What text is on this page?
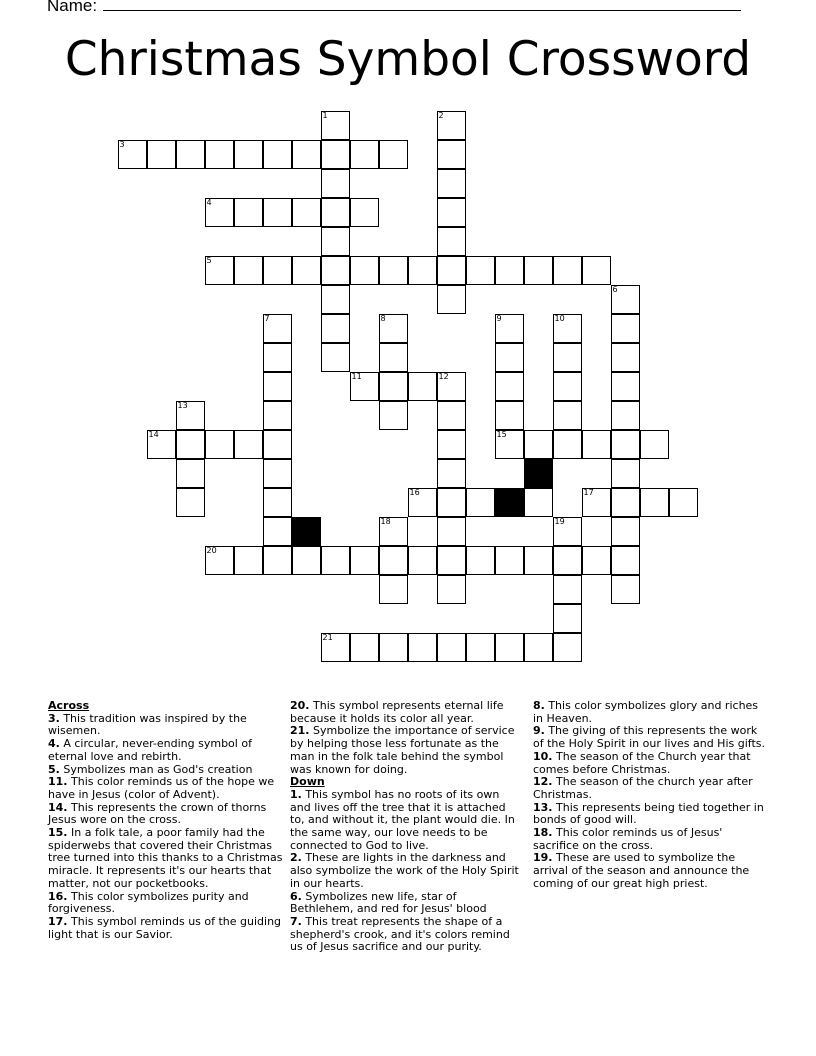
Name:
Christmas Symbol Crossword
1	2
3
4
5
6
7	8	9
15
10
11	12
13
14
16	17
18	19
20
21
Across
3. This tradition was inspired by the wisemen.
4. A circular, never-ending symbol of eternal love and rebirth.
5. Symbolizes man as God's creation
11. This color reminds us of the hope we have in Jesus (color of Advent).
14. This represents the crown of thorns Jesus wore on the cross.
15. In a folk tale, a poor family had the spiderwebs that covered their Christmas tree turned into this thanks to a Christmas miracle. It represents it's our hearts that matter, not our pocketbooks.
16. This color symbolizes purity and forgiveness.
17. This symbol reminds us of the guiding light that is our Savior.
20. This symbol represents eternal life because it holds its color all year.
21. Symbolize the importance of service by helping those less fortunate as the man in the folk tale behind the symbol was known for doing.
Down
1. This symbol has no roots of its own and lives off the tree that it is attached to, and without it, the plant would die. In the same way, our love needs to be connected to God to live.
2. These are lights in the darkness and also symbolize the work of the Holy Spirit in our hearts.
6. Symbolizes new life, star of Bethlehem, and red for Jesus' blood
7. This treat represents the shape of a shepherd's crook, and it's colors remind us of Jesus sacrifice and our purity.
8. This color symbolizes glory and riches in Heaven.
9. The giving of this represents the work of the Holy Spirit in our lives and His gifts.
10. The season of the Church year that comes before Christmas.
12. The season of the church year after Christmas.
13. This represents being tied together in bonds of good will.
18. This color reminds us of Jesus' sacrifice on the cross.
19. These are used to symbolize the arrival of the season and announce the coming of our great high priest.
